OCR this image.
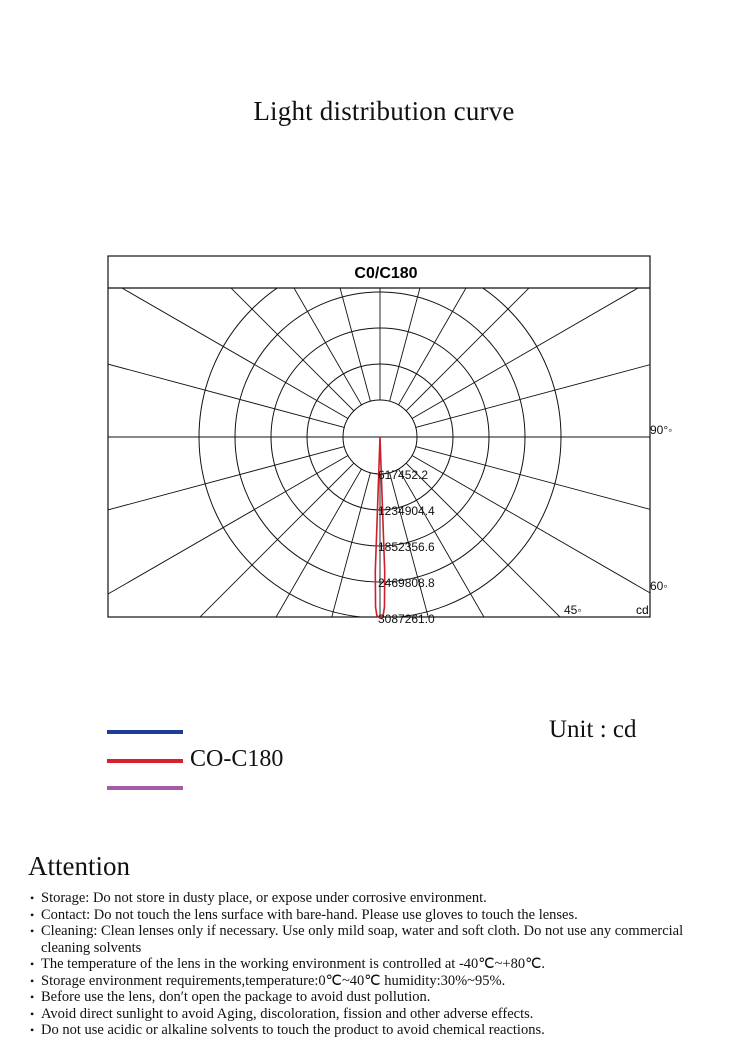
Light distribution curve
C0/C180
617452.2
1234904.4
1852356.6
2469808.8
3087261.0
90°◦
60◦
45◦	cd
CO-C180
Unit : cd
Attention
• Storage: Do not store in dusty place, or expose under corrosive environment.
• Contact: Do not touch the lens surface with bare-hand. Please use gloves to touch the lenses.
• Cleaning: Clean lenses only if necessary. Use only mild soap, water and soft cloth. Do not use any commercial cleaning solvents
• The temperature of the lens in the working environment is controlled at -40℃~+80℃.
• Storage environment requirements,temperature:0℃~40℃ humidity:30%~95%.
• Before use the lens, don′t open the package to avoid dust pollution.
• Avoid direct sunlight to avoid Aging, discoloration, fission and other adverse effects.
• Do not use acidic or alkaline solvents to touch the product to avoid chemical reactions.
